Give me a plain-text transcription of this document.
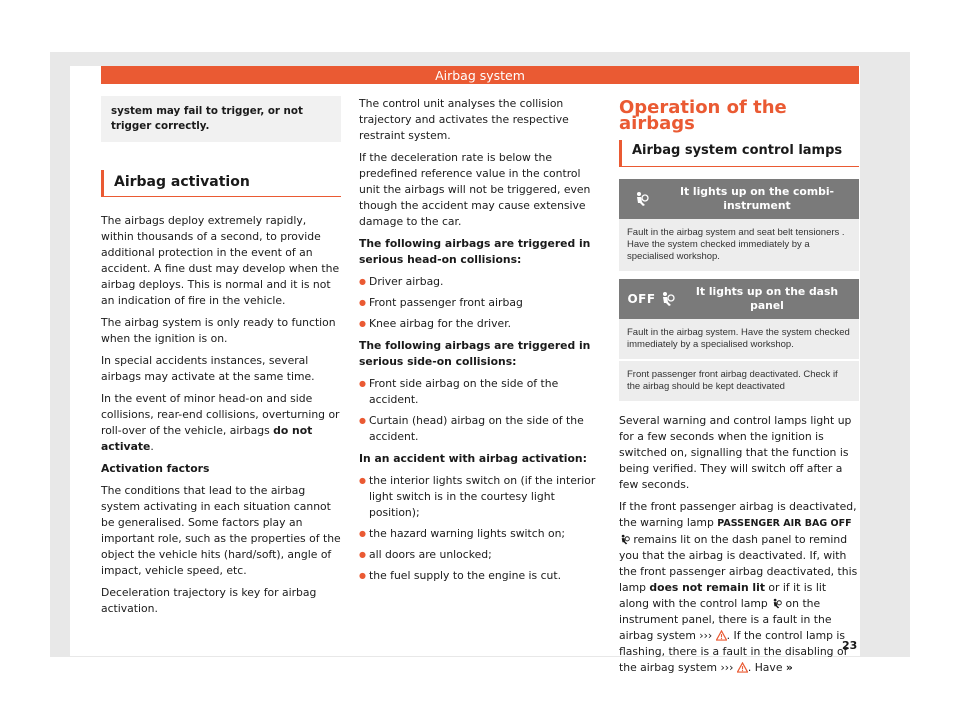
Airbag system

system may fail to trigger, or not trigger correctly.

Airbag activation

The airbags deploy extremely rapidly, within thousands of a second, to provide additional protection in the event of an accident. A fine dust may develop when the airbag deploys. This is normal and it is not an indication of fire in the vehicle.

The airbag system is only ready to function when the ignition is on.

In special accidents instances, several airbags may activate at the same time.

In the event of minor head-on and side collisions, rear-end collisions, overturning or roll-over of the vehicle, airbags do not activate.

Activation factors

The conditions that lead to the airbag system activating in each situation cannot be generalised. Some factors play an important role, such as the properties of the object the vehicle hits (hard/soft), angle of impact, vehicle speed, etc.

Deceleration trajectory is key for airbag activation.

The control unit analyses the collision trajectory and activates the respective restraint system.

If the deceleration rate is below the predefined reference value in the control unit the airbags will not be triggered, even though the accident may cause extensive damage to the car.

The following airbags are triggered in serious head-on collisions:

● Driver airbag.
● Front passenger front airbag
● Knee airbag for the driver.

The following airbags are triggered in serious side-on collisions:

● Front side airbag on the side of the accident.
● Curtain (head) airbag on the side of the accident.

In an accident with airbag activation:

● the interior lights switch on (if the interior light switch is in the courtesy light position);
● the hazard warning lights switch on;
● all doors are unlocked;
● the fuel supply to the engine is cut.
Operation of the airbags
Airbag system control lamps
It lights up on the combi-instrument
Fault in the airbag system and seat belt tensioners . Have the system checked immediately by a specialised workshop.
OFF
It lights up on the dash panel
Fault in the airbag system. Have the system checked immediately by a specialised workshop.
Front passenger front airbag deactivated. Check if the airbag should be kept deactivated

Several warning and control lamps light up for a few seconds when the ignition is switched on, signalling that the function is being verified. They will switch off after a few seconds.

If the front passenger airbag is deactivated, the warning lamp PASSENGER AIR BAG OFF  remains lit on the dash panel to remind you that the airbag is deactivated. If, with the front passenger airbag deactivated, this lamp does not remain lit or if it is lit along with the control lamp  on the instrument panel, there is a fault in the airbag system ››› . If the control lamp is flashing, there is a fault in the disabling of the airbag system ››› . Have »

23
